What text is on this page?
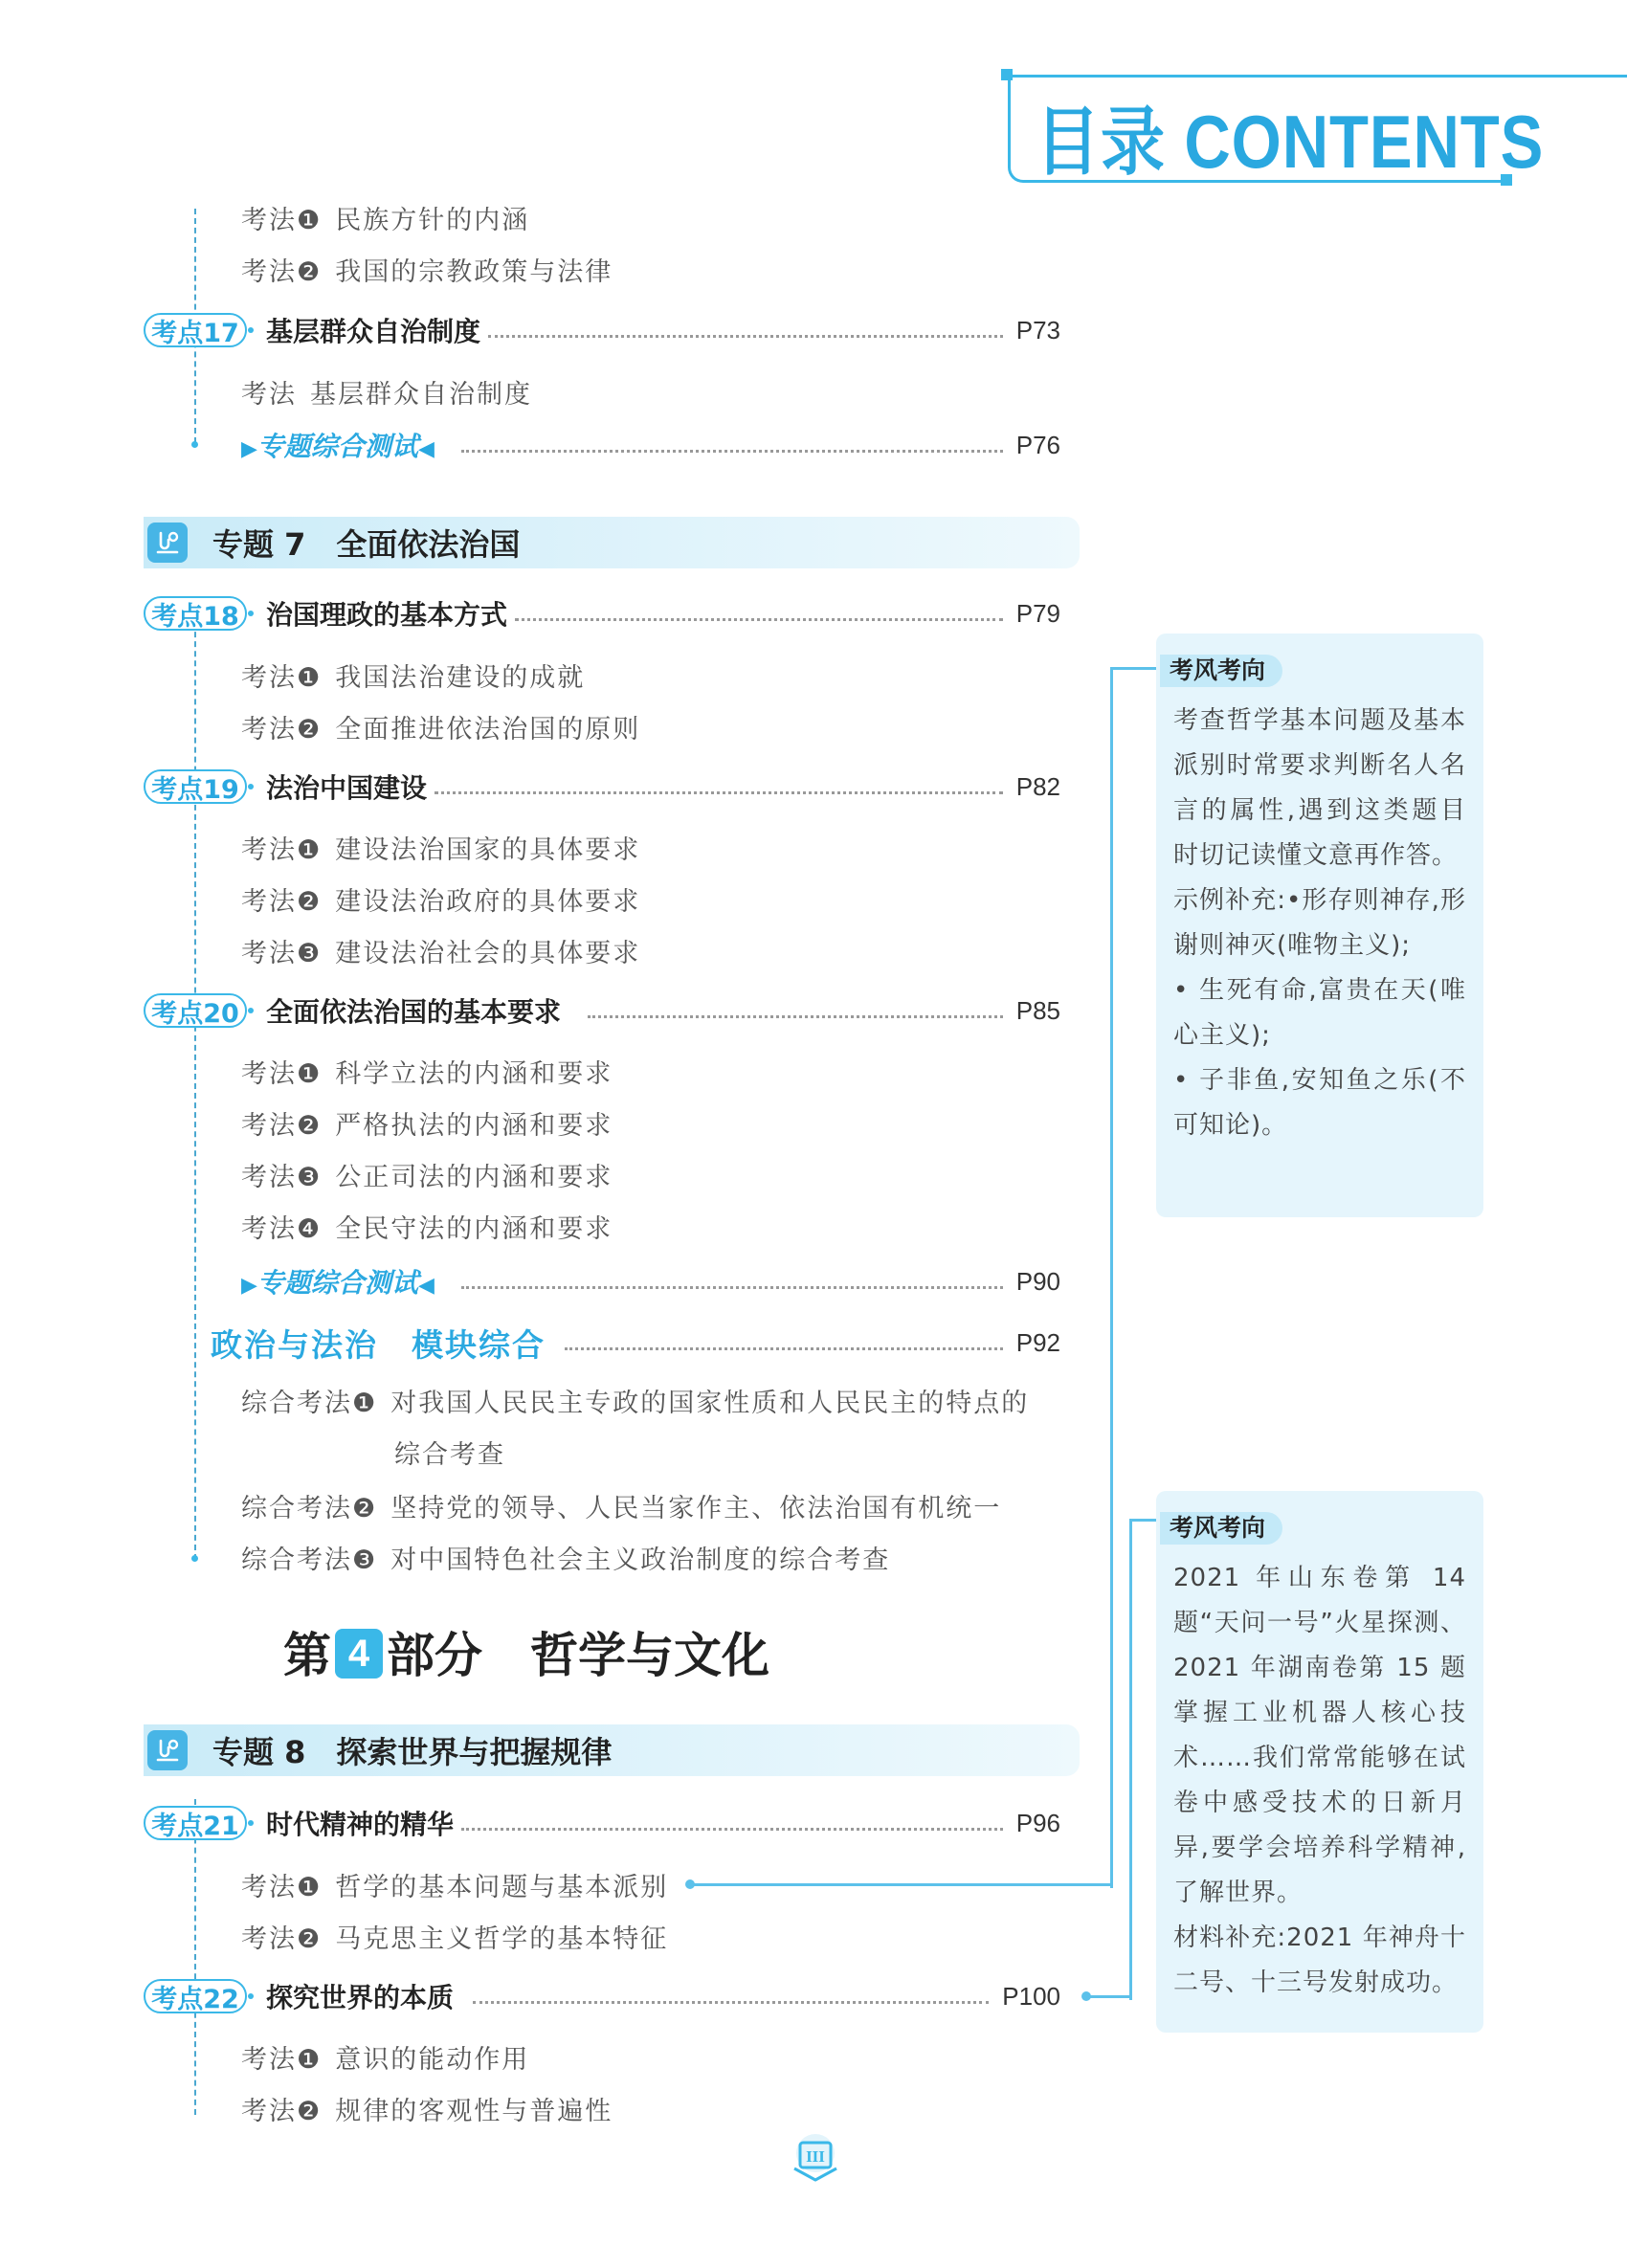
目录 CONTENTS
考法❶ 民族方针的内涵
考法❷ 我国的宗教政策与法律
考点17 基层群众自治制度	P73
考法 基层群众自治制度
▶专题综合测试◀	P76
专题 7　全面依法治国
考点18 治国理政的基本方式	P79
考法❶ 我国法治建设的成就
考法❷ 全面推进依法治国的原则
考点19 法治中国建设	P82
考法❶ 建设法治国家的具体要求
考法❷ 建设法治政府的具体要求
考法❸ 建设法治社会的具体要求
考点20 全面依法治国的基本要求	P85
考法❶ 科学立法的内涵和要求
考法❷ 严格执法的内涵和要求
考法❸ 公正司法的内涵和要求
考法❹ 全民守法的内涵和要求
▶专题综合测试◀	P90
政治与法治　模块综合	P92
综合考法❶ 对我国人民民主专政的国家性质和人民民主的特点的
综合考查
综合考法❷ 坚持党的领导、人民当家作主、依法治国有机统一
综合考法❸ 对中国特色社会主义政治制度的综合考查
第 4 部分　哲学与文化
专题 8　探索世界与把握规律
考点21 时代精神的精华	P96
考法❶ 哲学的基本问题与基本派别
考法❷ 马克思主义哲学的基本特征
考点22 探究世界的本质	P100
考法❶ 意识的能动作用
考法❷ 规律的客观性与普遍性
考风考向

考查哲学基本问题及基本派别时常要求判断名人名言的属性,遇到这类题目时切记读懂文意再作答。

示例补充:•形存则神存,形谢则神灭(唯物主义);

• 生死有命,富贵在天(唯心主义);

• 子非鱼,安知鱼之乐(不可知论)。

考风考向

2021 年山东卷第 14 题“天问一号”火星探测、2021 年湖南卷第 15 题掌握工业机器人核心技术……我们常常能够在试卷中感受技术的日新月异,要学会培养科学精神,了解世界。

材料补充:2021 年神舟十二号、十三号发射成功。

III
